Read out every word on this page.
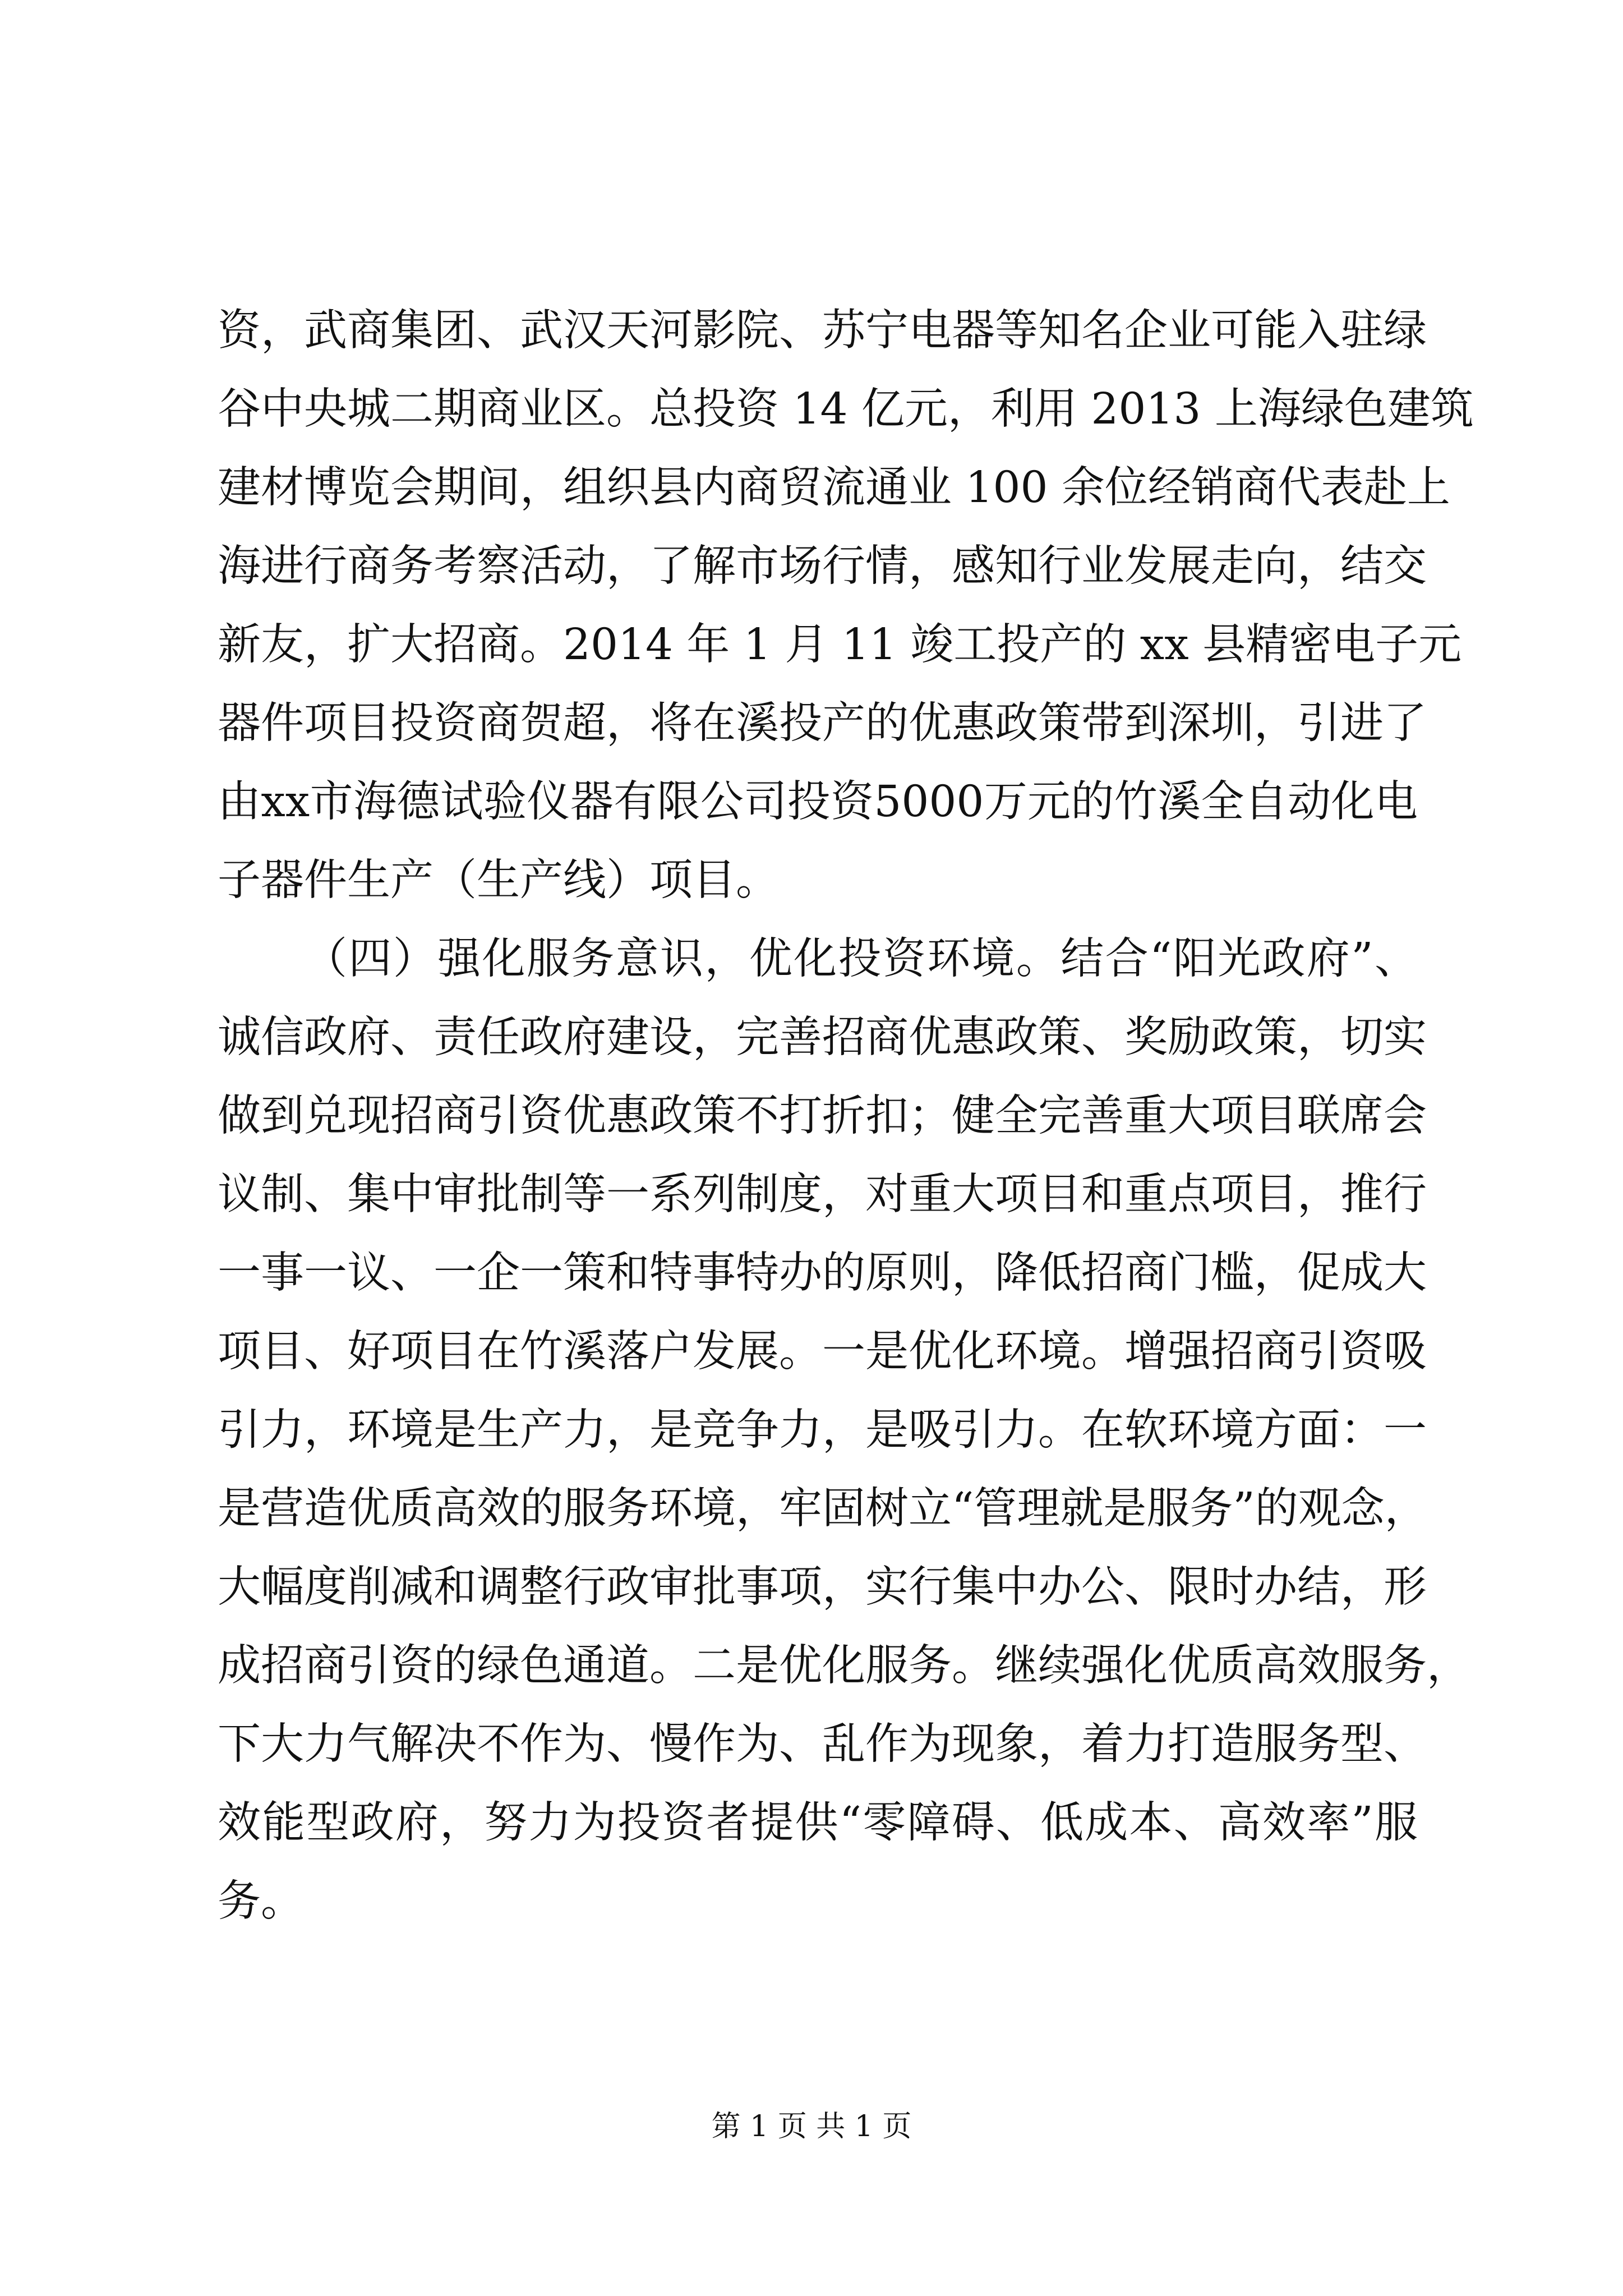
资，武商集团、武汉天河影院、苏宁电器等知名企业可能入驻绿
谷中央城二期商业区。总投资 14 亿元，利用 2013 上海绿色建筑
建材博览会期间，组织县内商贸流通业 100 余位经销商代表赴上
海进行商务考察活动，了解市场行情，感知行业发展走向，结交
新友，扩大招商。2014 年 1 月 11 竣工投产的 xx 县精密电子元
器件项目投资商贺超，将在溪投产的优惠政策带到深圳，引进了
由xx市海德试验仪器有限公司投资5000万元的竹溪全自动化电
子器件生产（生产线）项目。
（四）强化服务意识，优化投资环境。结合“阳光政府”、
诚信政府、责任政府建设，完善招商优惠政策、奖励政策，切实
做到兑现招商引资优惠政策不打折扣；健全完善重大项目联席会
议制、集中审批制等一系列制度，对重大项目和重点项目，推行
一事一议、一企一策和特事特办的原则，降低招商门槛，促成大
项目、好项目在竹溪落户发展。一是优化环境。增强招商引资吸
引力，环境是生产力，是竞争力，是吸引力。在软环境方面：一
是营造优质高效的服务环境，牢固树立“管理就是服务”的观念，
大幅度削减和调整行政审批事项，实行集中办公、限时办结，形
成招商引资的绿色通道。二是优化服务。继续强化优质高效服务，
下大力气解决不作为、慢作为、乱作为现象，着力打造服务型、
效能型政府，努力为投资者提供“零障碍、低成本、高效率”服
务。
第 1 页 共 1 页
